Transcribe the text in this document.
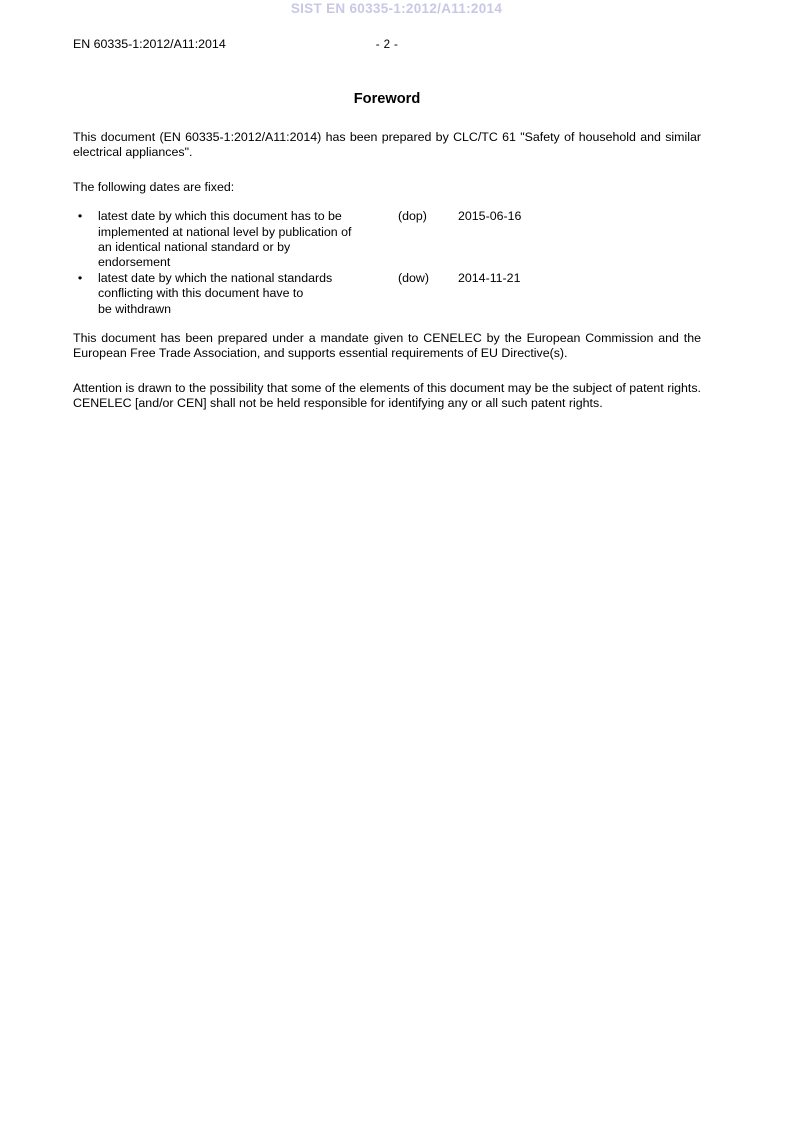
SIST EN 60335-1:2012/A11:2014
EN 60335-1:2012/A11:2014	- 2 -
Foreword

This document (EN 60335-1:2012/A11:2014) has been prepared by CLC/TC 61 "Safety of household and similar electrical appliances".

The following dates are fixed:

• latest date by which this document has to be
implemented at national level by publication of
an identical national standard or by
endorsement
(dop)	2015-06-16
• latest date by which the national standards
conflicting with this document have to
be withdrawn
(dow) 2014-11-21

This document has been prepared under a mandate given to CENELEC by the European Commission and the European Free Trade Association, and supports essential requirements of EU Directive(s).

Attention is drawn to the possibility that some of the elements of this document may be the subject of patent rights. CENELEC [and/or CEN] shall not be held responsible for identifying any or all such patent rights.
